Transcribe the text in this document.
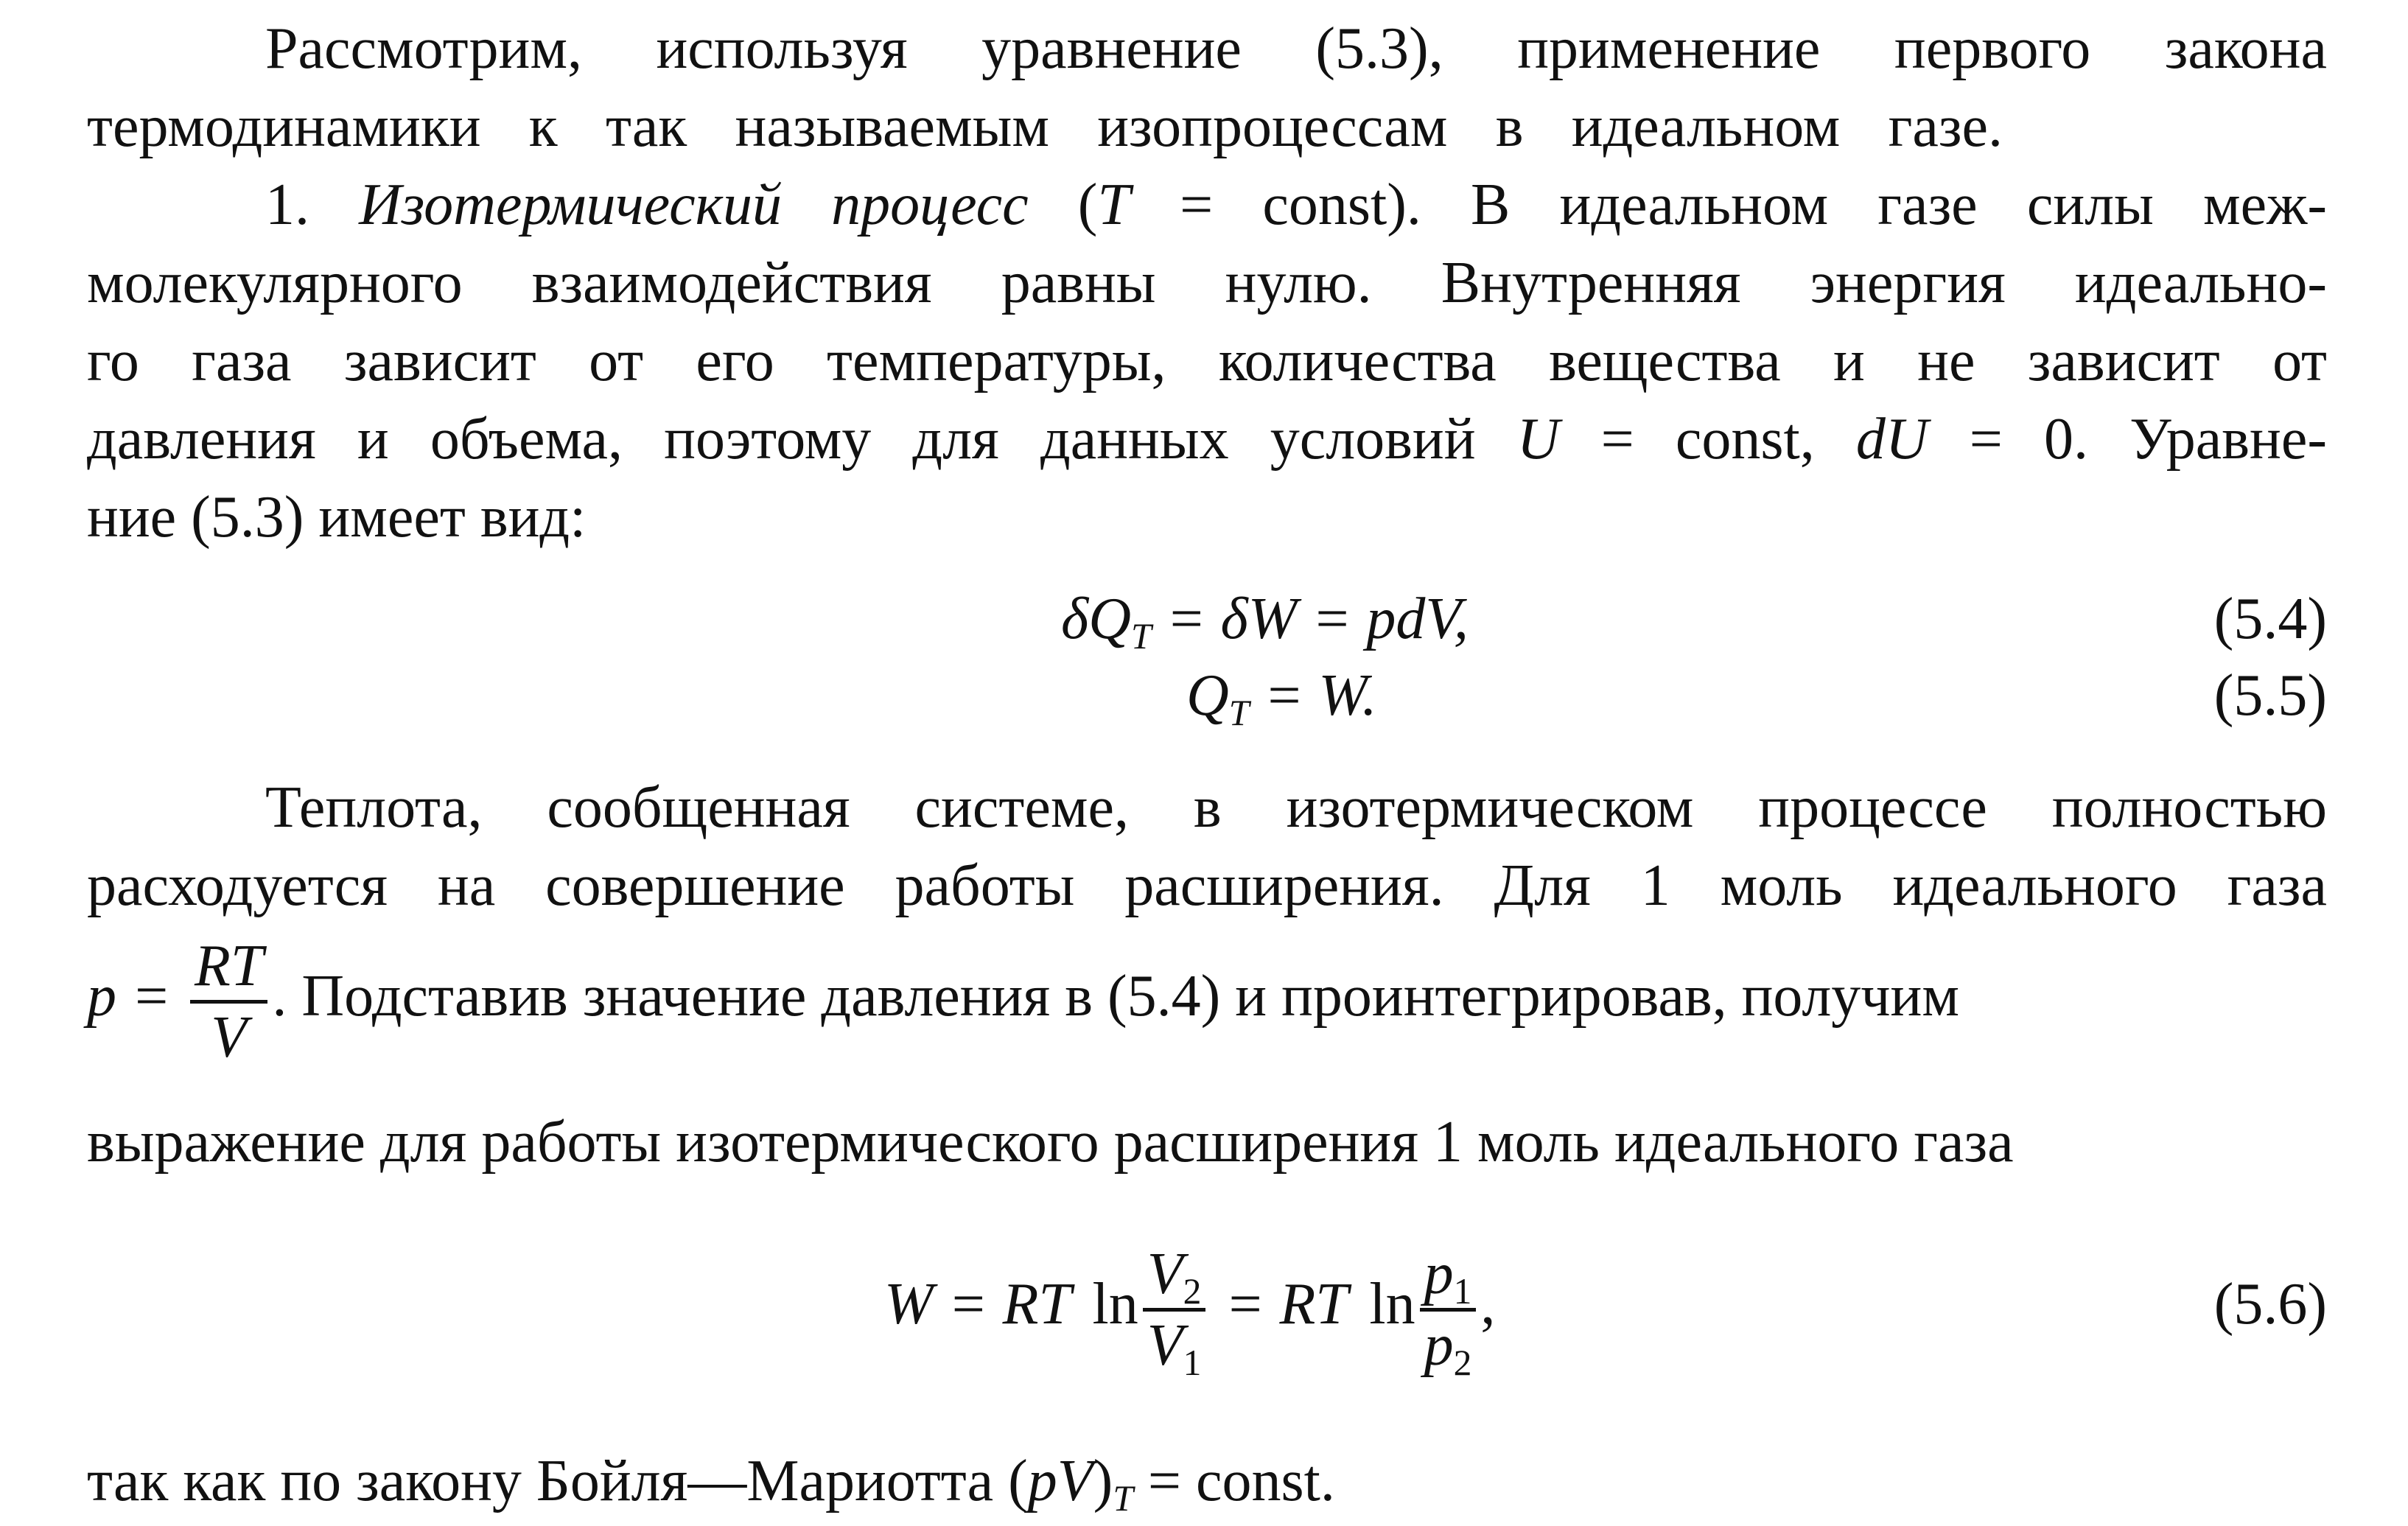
Рассмотрим, используя уравнение (5.3), применение первого закона
термодинамики к так называемым изопроцессам в идеальном газе.
1. Изотермический процесс (T = const). В идеальном газе силы меж-
молекулярного взаимодействия равны нулю. Внутренняя энергия идеально-
го газа зависит от его температуры, количества вещества и не зависит от
давления и объема, поэтому для данных условий U = const, dU = 0. Уравне-
ние (5.3) имеет вид:
$\delta Q_T = \delta W$ = pdV,	(5.4)
$Q_T = W$.	(5.5)
Теплота, сообщенная системе, в изотермическом процессе полностью
расходуется на совершение работы расширения. Для 1 моль идеального газа
$p = \frac{RT}{V}$ . Подставив значение давления в (5.4) и проинтегрировав, получим
выражение для работы изотермического расширения 1 моль идеального газа
W = RT $\ln \frac{V_2}{V_1}$ = RT $\ln \frac{p_1}{p_2}$ ,	(5.6)
так как по закону Бойля—Мариотта $(pV)_T$ = const.
